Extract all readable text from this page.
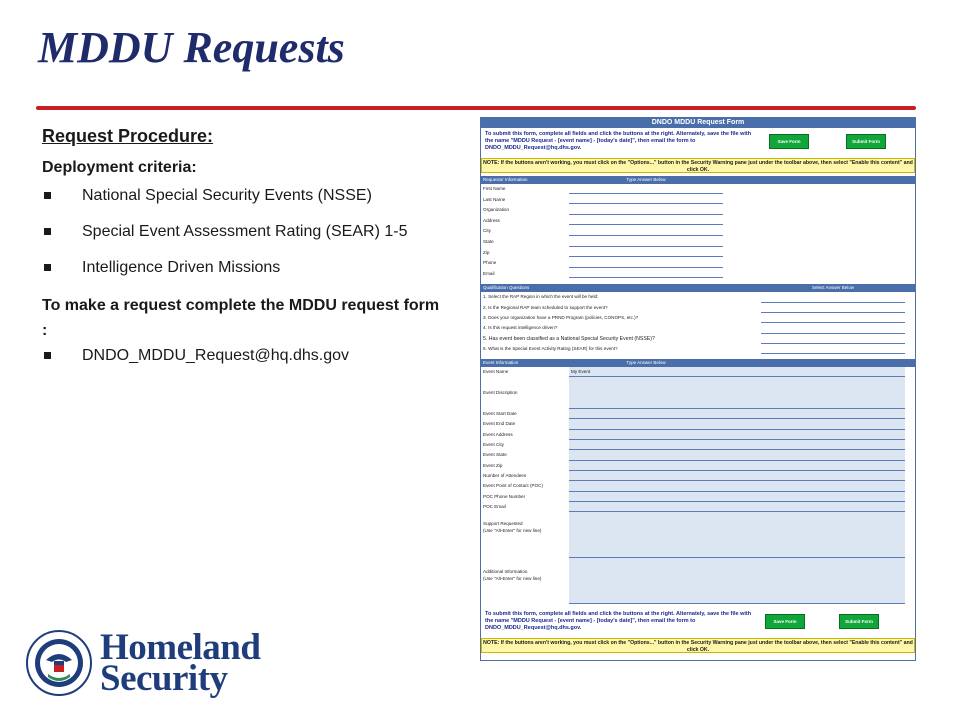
MDDU Requests
Request Procedure:
Deployment criteria:
National Special Security Events (NSSE)
Special Event Assessment Rating (SEAR) 1-5
Intelligence Driven Missions
To make a request complete the MDDU request form :
DNDO_MDDU_Request@hq.dhs.gov
DNDO MDDU Request Form
To submit this form, complete all fields and click the buttons at the right. Alternately, save the file with the name "MDDU Request - [event name] - [today's date]", then email the form to DNDO_MDDU_Request@hq.dhs.gov.
Save Form	Submit Form
NOTE: If the buttons aren't working, you must click on the "Options..." button in the Security Warning pane just under the toolbar above, then select "Enable this content" and click OK.
Requestor Information	Type Answer Below
First Name
Last Name
Organization
Address
City
State
Zip
Phone
Email
Qualification Questions	Select Answer Below
1. Select the RAP Region in which the event will be held:
2. Is the Regional RAP team scheduled to support the event?
3. Does your organization have a PRND Program (policies, CONOPS, etc.)?
4. Is this request intelligence driven?
5. Has event been classified as a National Special Security Event (NSSE)?
6. What is the Special Event Activity Rating (SEAR) for this event?
Event Information	Type Answer Below
Event Name	My Event
Event Discription
Event Start Date
Event End Date
Event Address
Event City
Event State
Event Zip
Number of Attendees
Event Point of Contact (POC)
POC Phone Number
POC Email
Support Requested
(Use "Alt-Enter" for new line)
Additional Information
(Use "Alt-Enter" for new line)
To submit this form, complete all fields and click the buttons at the right. Alternately, save the file with the name "MDDU Request - [event name] - [today's date]", then email the form to DNDO_MDDU_Request@hq.dhs.gov.
Save Form	Submit Form
NOTE: If the buttons aren't working, you must click on the "Options..." button in the Security Warning pane just under the toolbar above, then select "Enable this content" and click OK.
Homeland
Security
